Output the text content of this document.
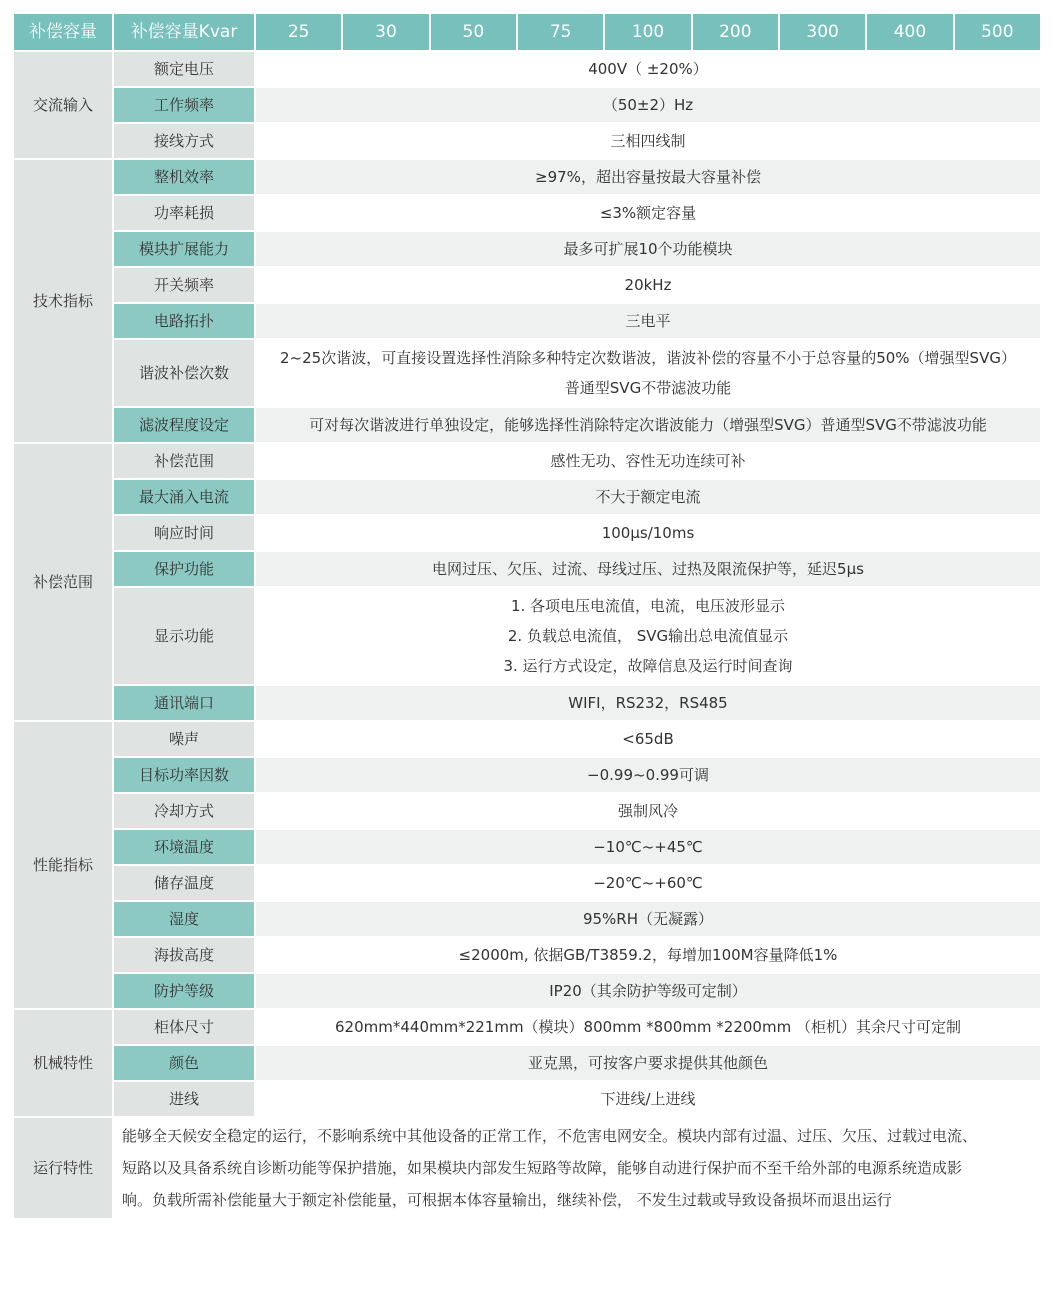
补偿容量	补偿容量Kvar	25	30	50	75	100	200	300	400	500
交流输入	额定电压	400V（ ±20%）								

	工作频率	（50±2）Hz								

	接线方式	三相四线制								

技术指标	整机效率	≥97%，超出容量按最大容量补偿								

	功率耗损	≤3%额定容量								

	模块扩展能力	最多可扩展10个功能模块								

	开关频率	20kHz								

	电路拓扑	三电平								

	谐波补偿次数	2~25次谐波，可直接设置选择性消除多种特定次数谐波，谐波补偿的容量不小于总容量的50%（增强型SVG）
普通型SVG不带滤波功能								

	滤波程度设定	可对每次谐波进行单独设定，能够选择性消除特定次谐波能力（增强型SVG）普通型SVG不带滤波功能								

补偿范围	补偿范围	感性无功、容性无功连续可补								

	最大涌入电流	不大于额定电流								

	响应时间	100μs/10ms								

	保护功能	电网过压、欠压、过流、母线过压、过热及限流保护等，延迟5μs								

	显示功能	1. 各项电压电流值，电流，电压波形显示
2. 负载总电流值， SVG输出总电流值显示
3. 运行方式设定，故障信息及运行时间查询								

	通讯端口	WIFI，RS232，RS485								

性能指标	噪声	<65dB								

	目标功率因数	−0.99~0.99可调								

	冷却方式	强制风冷								

	环境温度	−10℃~+45℃								

	储存温度	−20℃~+60℃								

	湿度	95%RH（无凝露）								

	海拔高度	≤2000m, 依据GB/T3859.2，每增加100M容量降低1%								

	防护等级	IP20（其余防护等级可定制）								

机械特性	柜体尺寸	620mm*440mm*221mm（模块）800mm *800mm *2200mm （柜机）其余尺寸可定制								

	颜色	亚克黑，可按客户要求提供其他颜色								

	进线	下进线/上进线								

运行特性	能够全天候安全稳定的运行，不影响系统中其他设备的正常工作，不危害电网安全。模块内部有过温、过压、欠压、过载过电流、
短路以及具备系统自诊断功能等保护措施，如果模块内部发生短路等故障，能够自动进行保护而不至千给外部的电源系统造成影
响。负载所需补偿能量大于额定补偿能量，可根据本体容量输出，继续补偿， 不发生过载或导致设备损坏而退出运行									
